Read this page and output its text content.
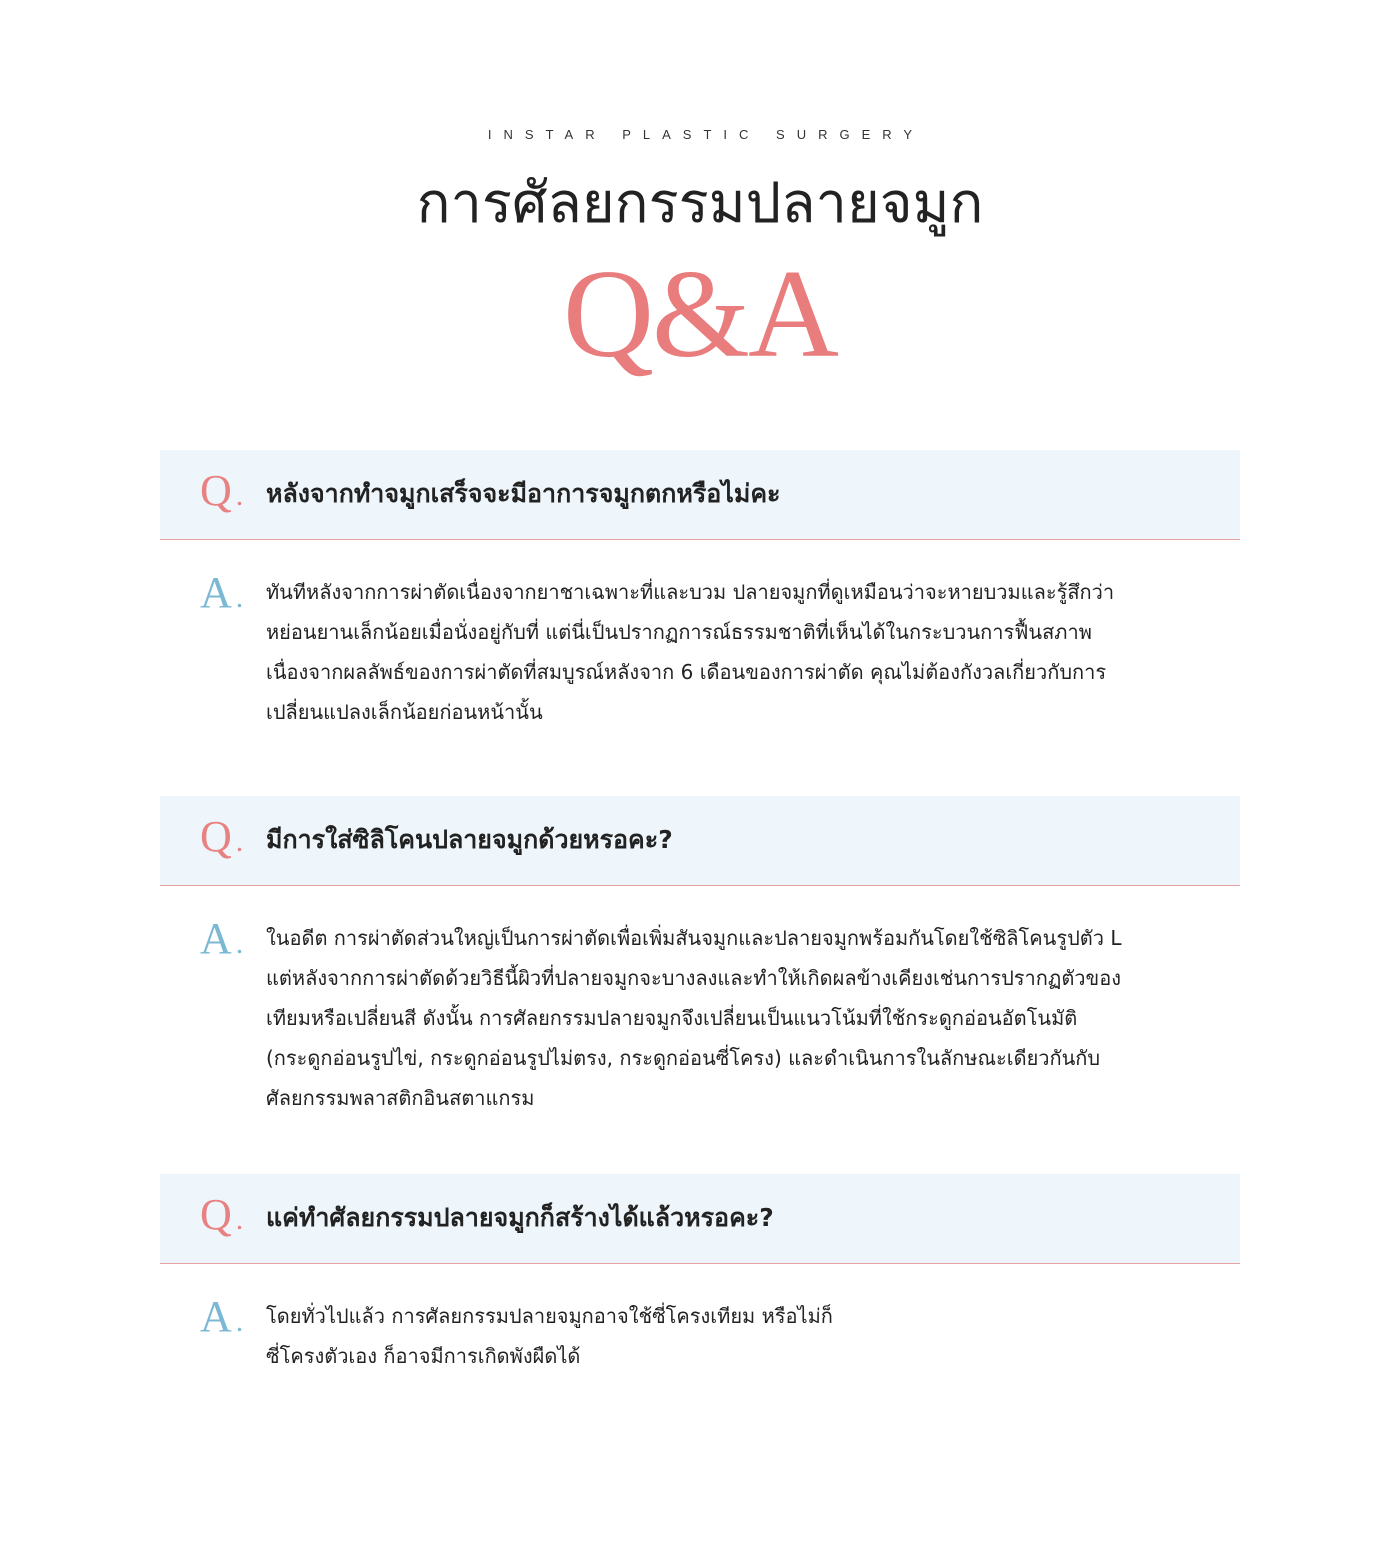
INSTAR PLASTIC SURGERY
การศัลยกรรมปลายจมูก
Q&A
Q . หลังจากทำจมูกเสร็จจะมีอาการจมูกตกหรือไม่คะ
A . ทันทีหลังจากการผ่าตัดเนื่องจากยาชาเฉพาะที่และบวม ปลายจมูกที่ดูเหมือนว่าจะหายบวมและรู้สึกว่าหย่อนยานเล็กน้อยเมื่อนั่งอยู่กับที่ แต่นี่เป็นปรากฏการณ์ธรรมชาติที่เห็นได้ในกระบวนการฟื้นสภาพ เนื่องจากผลลัพธ์ของการผ่าตัดที่สมบูรณ์หลังจาก 6 เดือนของการผ่าตัด คุณไม่ต้องกังวลเกี่ยวกับการเปลี่ยนแปลงเล็กน้อยก่อนหน้านั้น
Q . มีการใส่ซิลิโคนปลายจมูกด้วยหรอคะ?
A . ในอดีต การผ่าตัดส่วนใหญ่เป็นการผ่าตัดเพื่อเพิ่มสันจมูกและปลายจมูกพร้อมกันโดยใช้ซิลิโคนรูปตัว L แต่หลังจากการผ่าตัดด้วยวิธีนี้ผิวที่ปลายจมูกจะบางลงและทำให้เกิดผลข้างเคียงเช่นการปรากฏตัวของเทียมหรือเปลี่ยนสี ดังนั้น การศัลยกรรมปลายจมูกจึงเปลี่ยนเป็นแนวโน้มที่ใช้กระดูกอ่อนอัตโนมัติ (กระดูกอ่อนรูปไข่, กระดูกอ่อนรูปไม่ตรง, กระดูกอ่อนซี่โครง) และดำเนินการในลักษณะเดียวกันกับศัลยกรรมพลาสติกอินสตาแกรม
Q . แค่ทำศัลยกรรมปลายจมูกก็สร้างได้แล้วหรอคะ?
A . โดยทั่วไปแล้ว การศัลยกรรมปลายจมูกอาจใช้ซี่โครงเทียม หรือไม่ก็ซี่โครงตัวเอง ก็อาจมีการเกิดพังผืดได้
